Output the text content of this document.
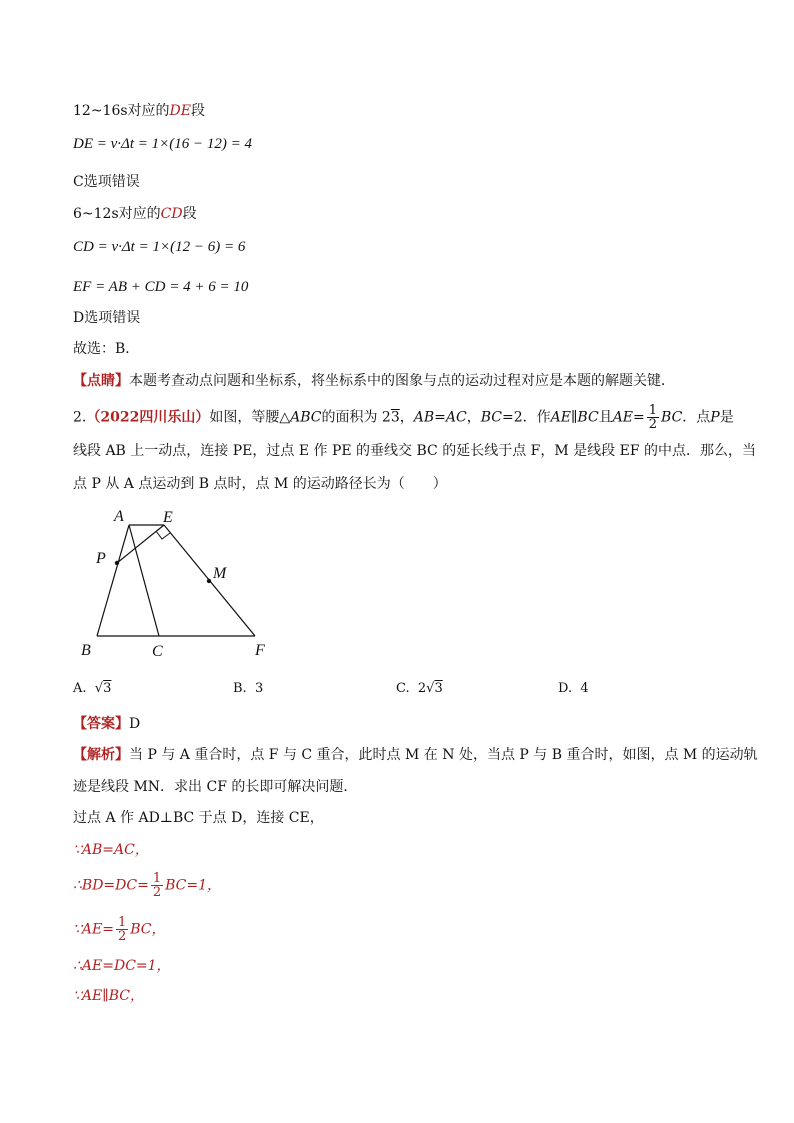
12~16s对应的DE段
DE = v·Δt = 1×(16 − 12) = 4
C选项错误
6~12s对应的CD段
CD = v·Δt = 1×(12 − 6) = 6
EF = AB + CD = 4 + 6 = 10
D选项错误
故选：B．
【点睛】本题考查动点问题和坐标系，将坐标系中的图象与点的运动过程对应是本题的解题关键．
2.（2022四川乐山）如图，等腰△ABC的面积为 23，AB=AC，BC=2．作AE∥BC且$AE= \frac{1}{2}$ BC．点P是
线段 AB 上一动点，连接 PE，过点 E 作 PE 的垂线交 BC 的延长线于点 F，M 是线段 EF 的中点．那么，当
点 P 从 A 点运动到 B 点时，点 M 的运动路径长为（　　）
A E
P
M
B	C	F
A.  √3	B. 3	C. 2√3	D. 4
【答案】D
【解析】当 P 与 A 重合时，点 F 与 C 重合，此时点 M 在 N 处，当点 P 与 B 重合时，如图，点 M 的运动轨
迹是线段 MN．求出 CF 的长即可解决问题．
过点 A 作 AD⊥BC 于点 D，连接 CE，
∵AB=AC，
∴BD=DC= $\frac{1}{2} BC=1$，
∵AE= $\frac{1}{2}$ BC，
∴AE=DC=1，
∵AE∥BC，
